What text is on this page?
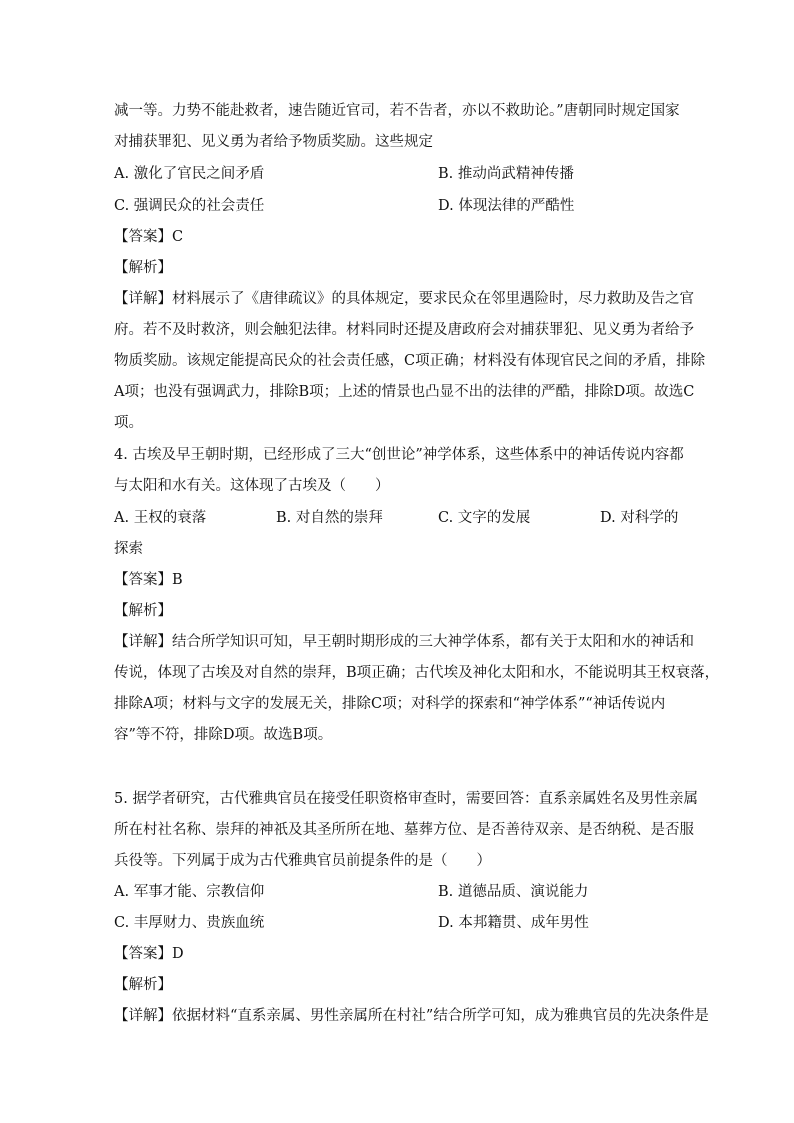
减一等。力势不能赴救者，速告随近官司，若不告者，亦以不救助论。”唐朝同时规定国家
对捕获罪犯、见义勇为者给予物质奖励。这些规定
A. 激化了官民之间矛盾	B. 推动尚武精神传播
C. 强调民众的社会责任	D. 体现法律的严酷性
【答案】C
【解析】
【详解】材料展示了《唐律疏议》的具体规定，要求民众在邻里遇险时，尽力救助及告之官
府。若不及时救济，则会触犯法律。材料同时还提及唐政府会对捕获罪犯、见义勇为者给予
物质奖励。该规定能提高民众的社会责任感，C项正确；材料没有体现官民之间的矛盾，排除
A项；也没有强调武力，排除B项；上述的情景也凸显不出的法律的严酷，排除D项。故选C
项。
4. 古埃及早王朝时期，已经形成了三大“创世论”神学体系，这些体系中的神话传说内容都
与太阳和水有关。这体现了古埃及（　　）
A. 王权的衰落	B. 对自然的崇拜	C. 文字的发展	D. 对科学的
探索
【答案】B
【解析】
【详解】结合所学知识可知，早王朝时期形成的三大神学体系，都有关于太阳和水的神话和
传说，体现了古埃及对自然的崇拜，B项正确；古代埃及神化太阳和水，不能说明其王权衰落，
排除A项；材料与文字的发展无关，排除C项；对科学的探索和“神学体系”“神话传说内
容”等不符，排除D项。故选B项。
5. 据学者研究，古代雅典官员在接受任职资格审查时，需要回答：直系亲属姓名及男性亲属
所在村社名称、崇拜的神祇及其圣所所在地、墓葬方位、是否善待双亲、是否纳税、是否服
兵役等。下列属于成为古代雅典官员前提条件的是（　　）
A. 军事才能、宗教信仰	B. 道德品质、演说能力
C. 丰厚财力、贵族血统	D. 本邦籍贯、成年男性
【答案】D
【解析】
【详解】依据材料“直系亲属、男性亲属所在村社”结合所学可知，成为雅典官员的先决条件是
